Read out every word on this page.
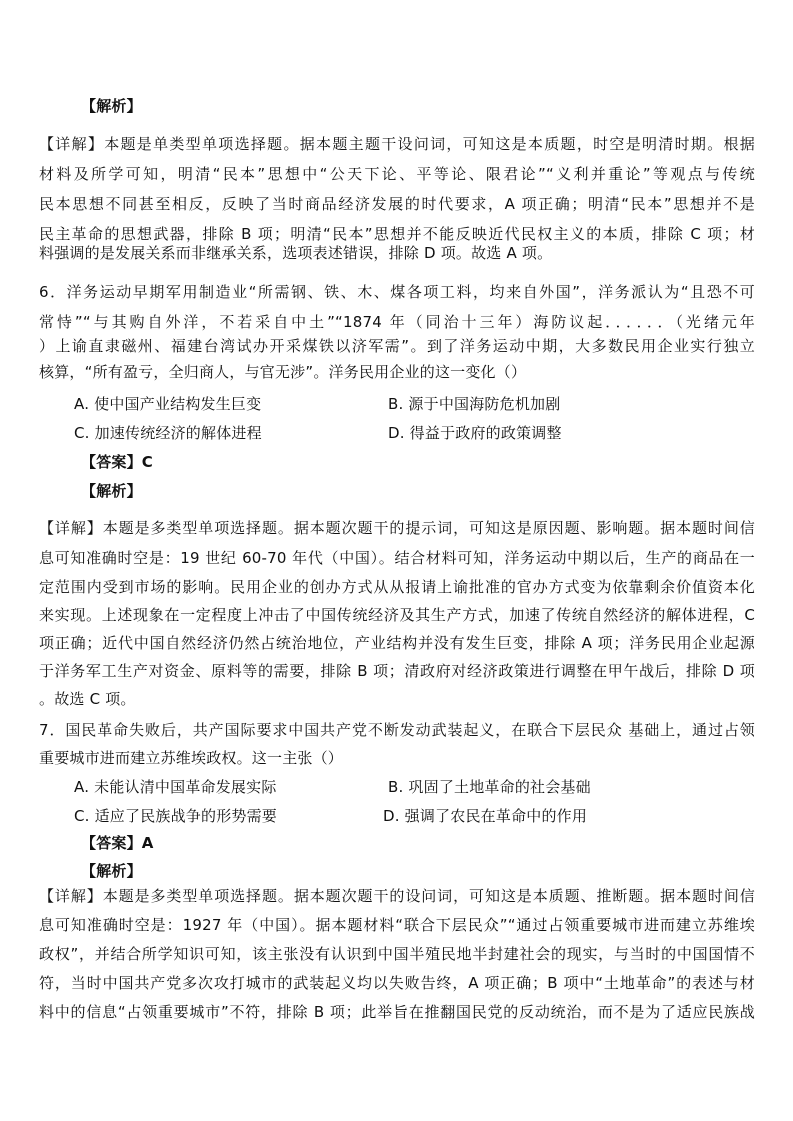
【解析】
【详解】本题是单类型单项选择题。据本题主题干设问词，可知这是本质题，时空是明清时期。根据
材料及所学可知，明清“民本”思想中“公天下论、平等论、限君论”“义利并重论”等观点与传统
民本思想不同甚至相反，反映了当时商品经济发展的时代要求，A 项正确；明清“民本”思想并不是
民主革命的思想武器，排除 B 项；明清“民本”思想并不能反映近代民权主义的本质，排除 C 项；材
料强调的是发展关系而非继承关系，选项表述错误，排除 D 项。故选 A 项。
6．洋务运动早期军用制造业“所需钢、铁、木、煤各项工料，均来自外国”，洋务派认为“且恐不可
常恃”“与其购自外洋，不若采自中土”“1874 年（同治十三年）海防议起．．．．．．（光绪元年
）上谕直隶磁州、福建台湾试办开采煤铁以济军需”。到了洋务运动中期，大多数民用企业实行独立
核算，“所有盈亏，全归商人，与官无涉”。洋务民用企业的这一变化（）
A. 使中国产业结构发生巨变	B. 源于中国海防危机加剧
C. 加速传统经济的解体进程	D. 得益于政府的政策调整
【答案】C
【解析】
【详解】本题是多类型单项选择题。据本题次题干的提示词，可知这是原因题、影响题。据本题时间信
息可知准确时空是：19 世纪 60-70 年代（中国）。结合材料可知，洋务运动中期以后，生产的商品在一
定范围内受到市场的影响。民用企业的创办方式从从报请上谕批准的官办方式变为依靠剩余价值资本化
来实现。上述现象在一定程度上冲击了中国传统经济及其生产方式，加速了传统自然经济的解体进程，C
项正确；近代中国自然经济仍然占统治地位，产业结构并没有发生巨变，排除 A 项；洋务民用企业起源
于洋务军工生产对资金、原料等的需要，排除 B 项；清政府对经济政策进行调整在甲午战后，排除 D 项
。故选 C 项。
7．国民革命失败后，共产国际要求中国共产党不断发动武装起义，在联合下层民众 基础上，通过占领
重要城市进而建立苏维埃政权。这一主张（）
A. 未能认清中国革命发展实际	B. 巩固了土地革命的社会基础
C. 适应了民族战争的形势需要	D. 强调了农民在革命中的作用
【答案】A
【解析】
【详解】本题是多类型单项选择题。据本题次题干的设问词，可知这是本质题、推断题。据本题时间信
息可知准确时空是：1927 年（中国）。据本题材料“联合下层民众”“通过占领重要城市进而建立苏维埃
政权”，并结合所学知识可知，该主张没有认识到中国半殖民地半封建社会的现实，与当时的中国国情不
符，当时中国共产党多次攻打城市的武装起义均以失败告终，A 项正确；B 项中“土地革命”的表述与材
料中的信息“占领重要城市”不符，排除 B 项；此举旨在推翻国民党的反动统治，而不是为了适应民族战
